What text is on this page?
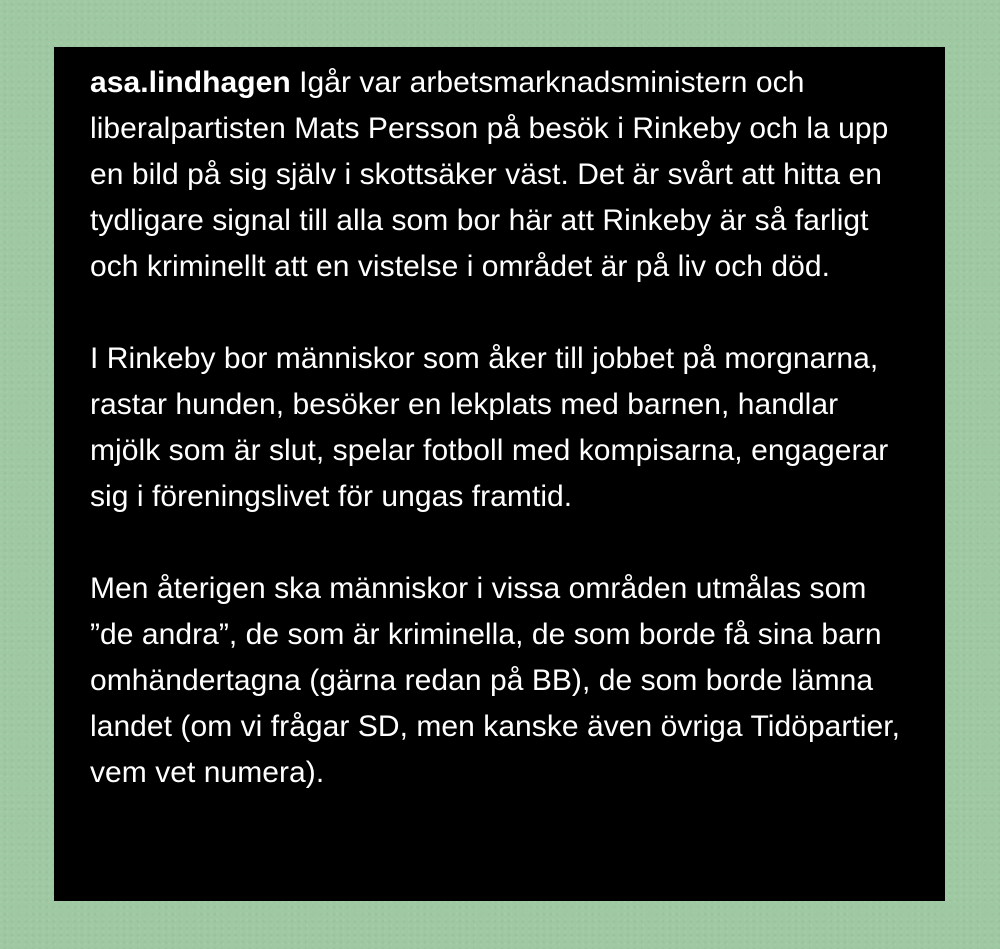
asa.lindhagen Igår var arbetsmarknadsministern och liberalpartisten Mats Persson på besök i Rinkeby och la upp en bild på sig själv i skottsäker väst. Det är svårt att hitta en tydligare signal till alla som bor här att Rinkeby är så farligt och kriminellt att en vistelse i området är på liv och död.

I Rinkeby bor människor som åker till jobbet på morgnarna, rastar hunden, besöker en lekplats med barnen, handlar mjölk som är slut, spelar fotboll med kompisarna, engagerar sig i föreningslivet för ungas framtid.

Men återigen ska människor i vissa områden utmålas som ”de andra”, de som är kriminella, de som borde få sina barn omhändertagna (gärna redan på BB), de som borde lämna landet (om vi frågar SD, men kanske även övriga Tidöpartier, vem vet numera).
